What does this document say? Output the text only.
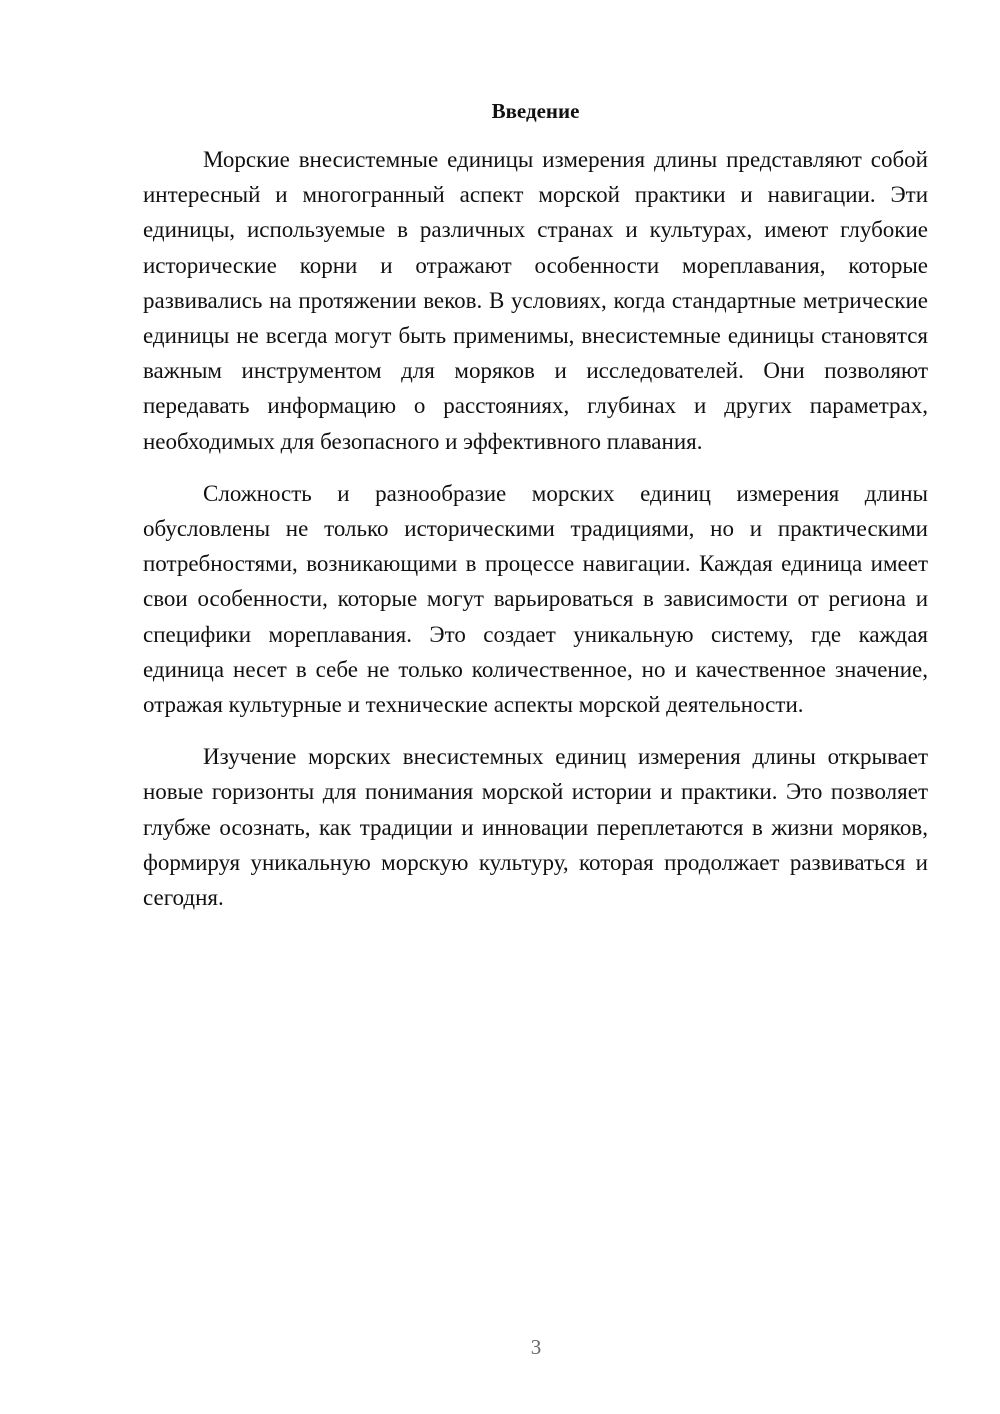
Введение

Морские внесистемные единицы измерения длины представляют собой интересный и многогранный аспект морской практики и навигации. Эти единицы, используемые в различных странах и культурах, имеют глубокие исторические корни и отражают особенности мореплавания, которые развивались на протяжении веков. В условиях, когда стандартные метрические единицы не всегда могут быть применимы, внесистемные единицы становятся важным инструментом для моряков и исследователей. Они позволяют передавать информацию о расстояниях, глубинах и других параметрах, необходимых для безопасного и эффективного плавания.

Сложность и разнообразие морских единиц измерения длины обусловлены не только историческими традициями, но и практическими потребностями, возникающими в процессе навигации. Каждая единица имеет свои особенности, которые могут варьироваться в зависимости от региона и специфики мореплавания. Это создает уникальную систему, где каждая единица несет в себе не только количественное, но и качественное значение, отражая культурные и технические аспекты морской деятельности.

Изучение морских внесистемных единиц измерения длины открывает новые горизонты для понимания морской истории и практики. Это позволяет глубже осознать, как традиции и инновации переплетаются в жизни моряков, формируя уникальную морскую культуру, которая продолжает развиваться и сегодня.

3
